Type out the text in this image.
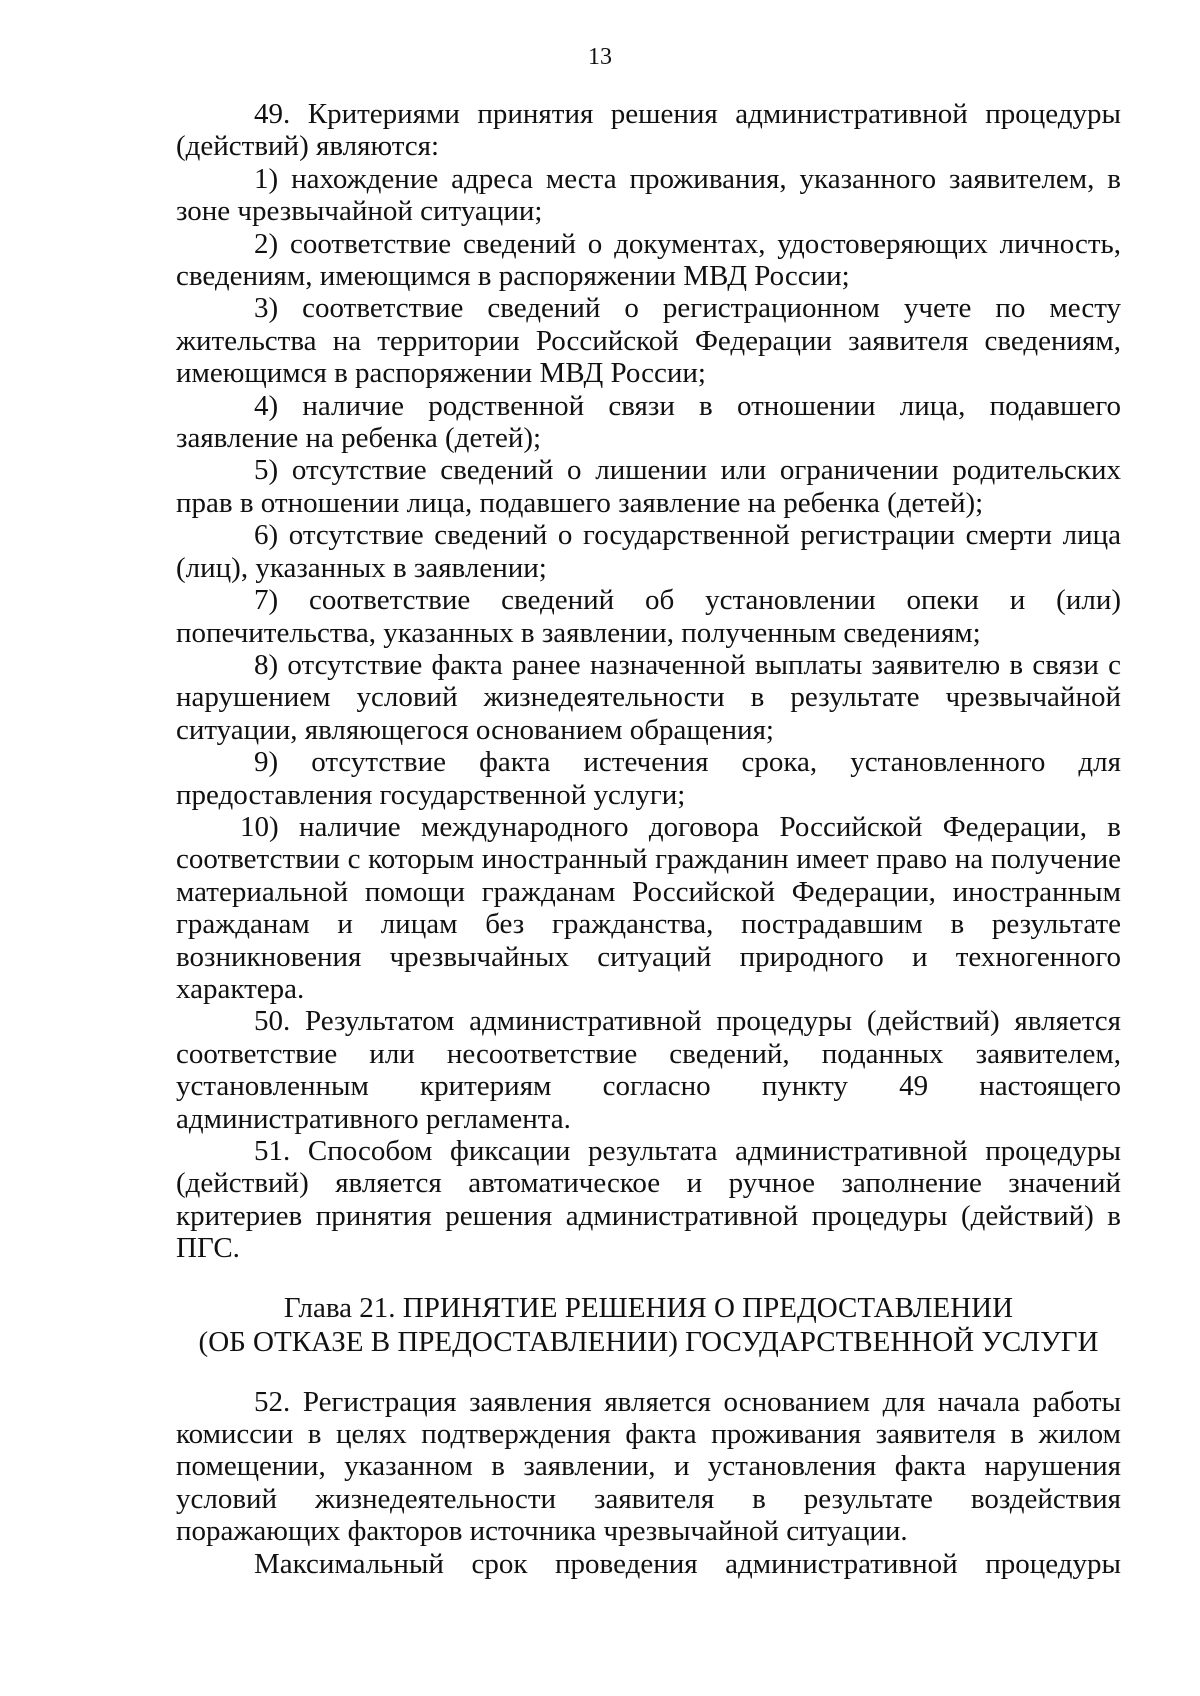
13

49. Критериями принятия решения административной процедуры (действий) являются:

1) нахождение адреса места проживания, указанного заявителем, в зоне чрезвычайной ситуации;

2) соответствие сведений о документах, удостоверяющих личность, сведениям, имеющимся в распоряжении МВД России;

3) соответствие сведений о регистрационном учете по месту жительства на территории Российской Федерации заявителя сведениям, имеющимся в распоряжении МВД России;

4) наличие родственной связи в отношении лица, подавшего заявление на ребенка (детей);

5) отсутствие сведений о лишении или ограничении родительских прав в отношении лица, подавшего заявление на ребенка (детей);

6) отсутствие сведений о государственной регистрации смерти лица (лиц), указанных в заявлении;

7) соответствие сведений об установлении опеки и (или) попечительства, указанных в заявлении, полученным сведениям;

8) отсутствие факта ранее назначенной выплаты заявителю в связи с нарушением условий жизнедеятельности в результате чрезвычайной ситуации, являющегося основанием обращения;

9) отсутствие факта истечения срока, установленного для предоставления государственной услуги;

10) наличие международного договора Российской Федерации, в соответствии с которым иностранный гражданин имеет право на получение материальной помощи гражданам Российской Федерации, иностранным гражданам и лицам без гражданства, пострадавшим в результате возникновения чрезвычайных ситуаций природного и техногенного характера.

50. Результатом административной процедуры (действий) является соответствие или несоответствие сведений, поданных заявителем, установленным критериям согласно пункту 49 настоящего административного регламента.

51. Способом фиксации результата административной процедуры (действий) является автоматическое и ручное заполнение значений критериев принятия решения административной процедуры (действий) в ПГС.

Глава 21. ПРИНЯТИЕ РЕШЕНИЯ О ПРЕДОСТАВЛЕНИИ
(ОБ ОТКАЗЕ В ПРЕДОСТАВЛЕНИИ) ГОСУДАРСТВЕННОЙ УСЛУГИ

52. Регистрация заявления является основанием для начала работы комиссии в целях подтверждения факта проживания заявителя в жилом помещении, указанном в заявлении, и установления факта нарушения условий жизнедеятельности заявителя в результате воздействия поражающих факторов источника чрезвычайной ситуации.

Максимальный срок проведения административной процедуры
